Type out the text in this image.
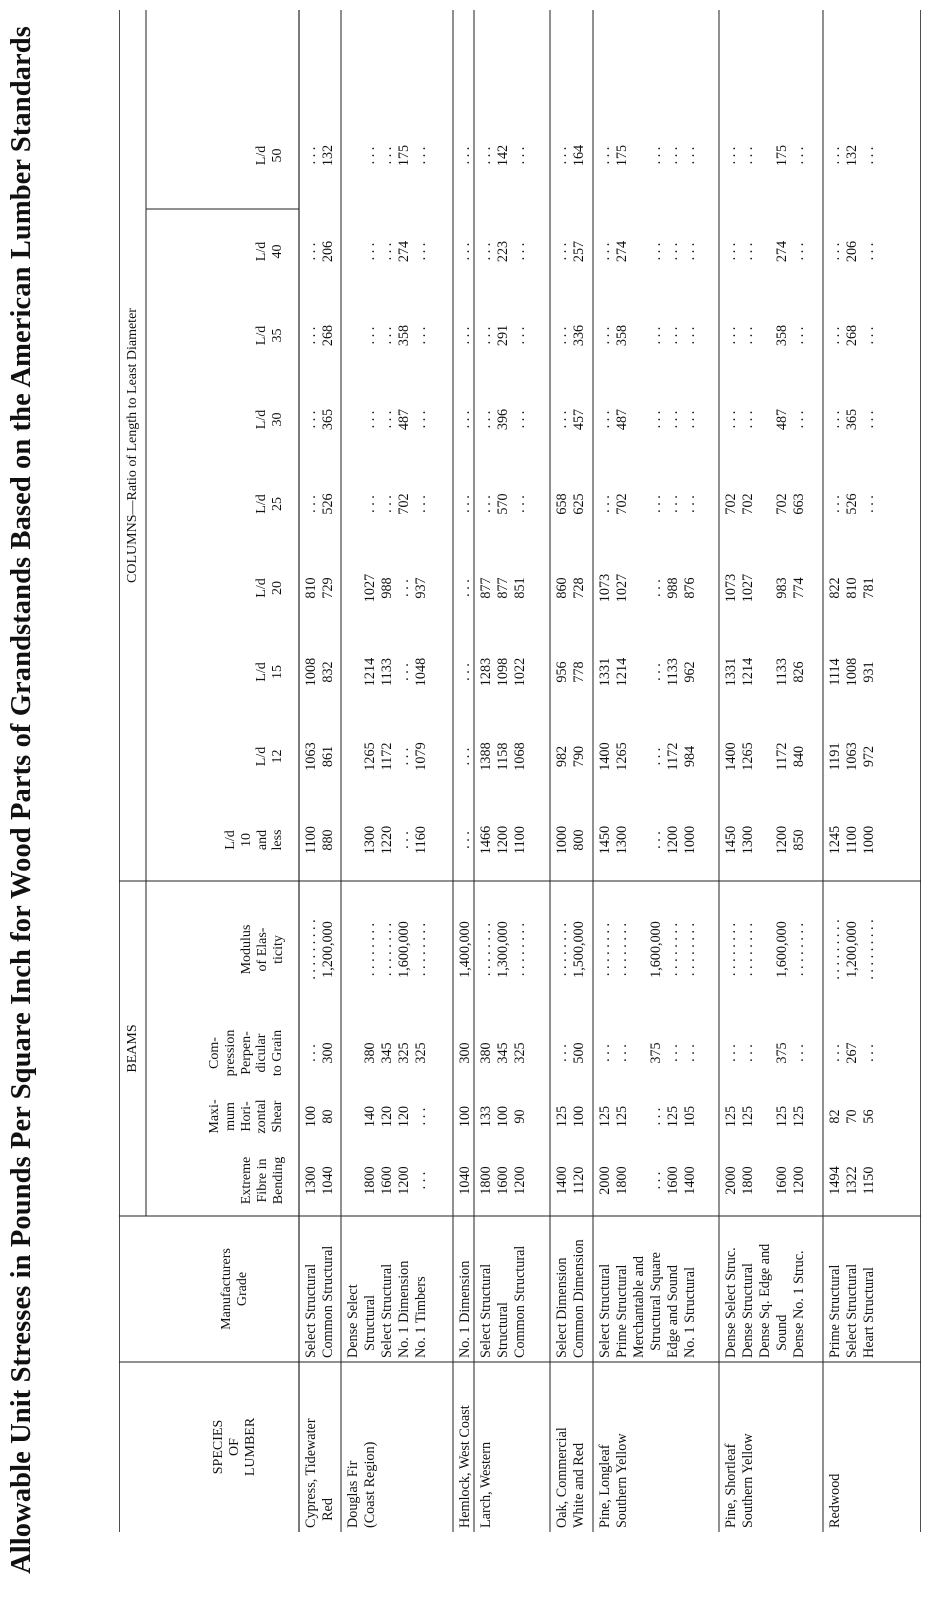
Allowable Unit Stresses in Pounds Per Square Inch for Wood Parts of Grandstands Based on the American Lumber Standards	SPECIES
OF
LUMBER
Manufacturers
Grade
BEAMS
Extreme
Fibre in
Bending
Maxi-
mum
Hori-
zontal
Shear
Com-
pression
Perpen-
dicular
to Grain
Modulus
of Elas-
ticity
COLUMNS—Ratio of Length to Least Diameter
L/d
10
and
less
L/d
12
L/d
15
L/d
20
L/d
25
L/d
30
L/d
35
L/d
40
L/d
50
Cypress, Tidewater
Red
Select Structural
Common Structural
1300
1040
100
80
. . .
300
. . . . . . . . .
1,200,000
1100
880
1063
861
1008
832
810
729
. . .
526
. . .
365
. . .
268
. . .
206
. . .
132
Douglas Fir
(Coast Region)
Dense Select
Structural
Select Structural
No. 1 Dimension
No. 1 Timbers

1800
1600
1200
. . .

140
120
120
. . .

380
345
325
325

. . . . . . . .
. . . . . . . .
1,600,000
. . . . . . . .

1300
1220
. . .
1160

1265
1172
. . .
1079

1214
1133
. . .
1048

1027
988
. . .
937

. . .
. . .
702
. . .

. . .
. . .
487
. . .

. . .
. . .
358
. . .

. . .
. . .
274
. . .

. . .
. . .
175
. . .
Hemlock, West Coast
No. 1 Dimension
1040
100
300
1,400,000
. . .
. . .
. . .
. . .
. . .
. . .
. . .
. . .
. . .
Larch, Western
Select Structural
Structural
Common Structural
1800
1600
1200
133
100
90
380
345
325
. . . . . . . .
1,300,000
. . . . . . . .
1466
1200
1100
1388
1158
1068
1283
1098
1022
877
877
851
. . .
570
. . .
. . .
396
. . .
. . .
291
. . .
. . .
223
. . .
. . .
142
. . .
Oak, Commercial
White and Red
Select Dimension
Common Dimension
1400
1120
125
100
. . .
500
. . . . . . . .
1,500,000
1000
800
982
790
956
778
860
728
658
625
. . .
457
. . .
336
. . .
257
. . .
164
Pine, Longleaf
Southern Yellow
Select Structural
Prime Structural
Merchantable and
Structural Square
Edge and Sound
No. 1 Structural
2000
1800

. . .
1600
1400
125
125

. . .
125
105
. . .
. . .

375
. . .
. . .
. . . . . . . .
. . . . . . . .

1,600,000
. . . . . . . .
. . . . . . . .
1450
1300

. . .
1200
1000
1400
1265

. . .
1172
984
1331
1214

. . .
1133
962
1073
1027

. . .
988
876
. . .
702

. . .
. . .
. . .
. . .
487

. . .
. . .
. . .
. . .
358

. . .
. . .
. . .
. . .
274

. . .
. . .
. . .
. . .
175

. . .
. . .
. . .
Pine, Shortleaf
Southern Yellow
Dense Select Struc.
Dense Structural
Dense Sq. Edge and
Sound
Dense No. 1 Struc.
2000
1800

1600
1200
125
125

125
125
. . .
. . .

375
. . .
. . . . . . . .
. . . . . . . .

1,600,000
. . . . . . . .
1450
1300

1200
850
1400
1265

1172
840
1331
1214

1133
826
1073
1027

983
774
702
702

702
663
. . .
. . .

487
. . .
. . .
. . .

358
. . .
. . .
. . .

274
. . .
. . .
. . .

175
. . .
Redwood
Prime Structural
Select Structural
Heart Structural
1494
1322
1150
82
70
56
. . .
267
. . .
. . . . . . . . .
1,200,000
. . . . . . . . .
1245
1100
1000
1191
1063
972
1114
1008
931
822
810
781
. . .
526
. . .
. . .
365
. . .
. . .
268
. . .
. . .
206
. . .
. . .
132
. . .
